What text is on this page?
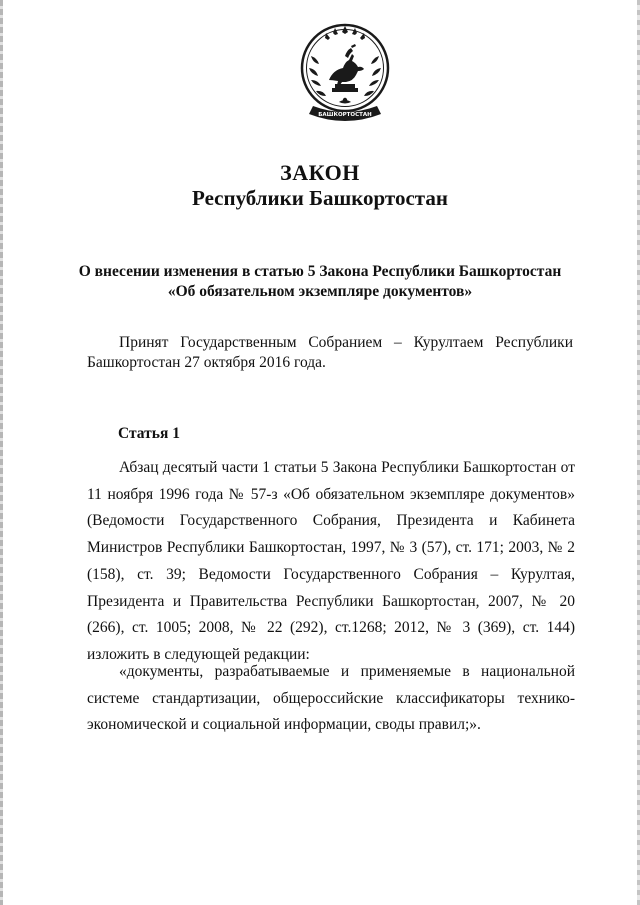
БАШКОРТОСТАН
ЗАКОН
Республики Башкортостан
О внесении изменения в статью 5 Закона Республики Башкортостан
«Об обязательном экземпляре документов»
Принят Государственным Собранием – Курултаем Республики Башкортостан 27 октября 2016 года.
Статья 1

Абзац десятый части 1 статьи 5 Закона Республики Башкортостан от 11 ноября 1996 года № 57-з «Об обязательном экземпляре документов» (Ведомости Государственного Собрания, Президента и Кабинета Министров Республики Башкортостан, 1997, № 3 (57), ст. 171; 2003, № 2 (158), ст. 39; Ведомости Государственного Собрания – Курултая, Президента и Правительства Республики Башкортостан, 2007, № 20 (266), ст. 1005; 2008, № 22 (292), ст.1268; 2012, № 3 (369), ст. 144) изложить в следующей редакции:

«документы, разрабатываемые и применяемые в национальной системе стандартизации, общероссийские классификаторы технико-экономической и социальной информации, своды правил;».
